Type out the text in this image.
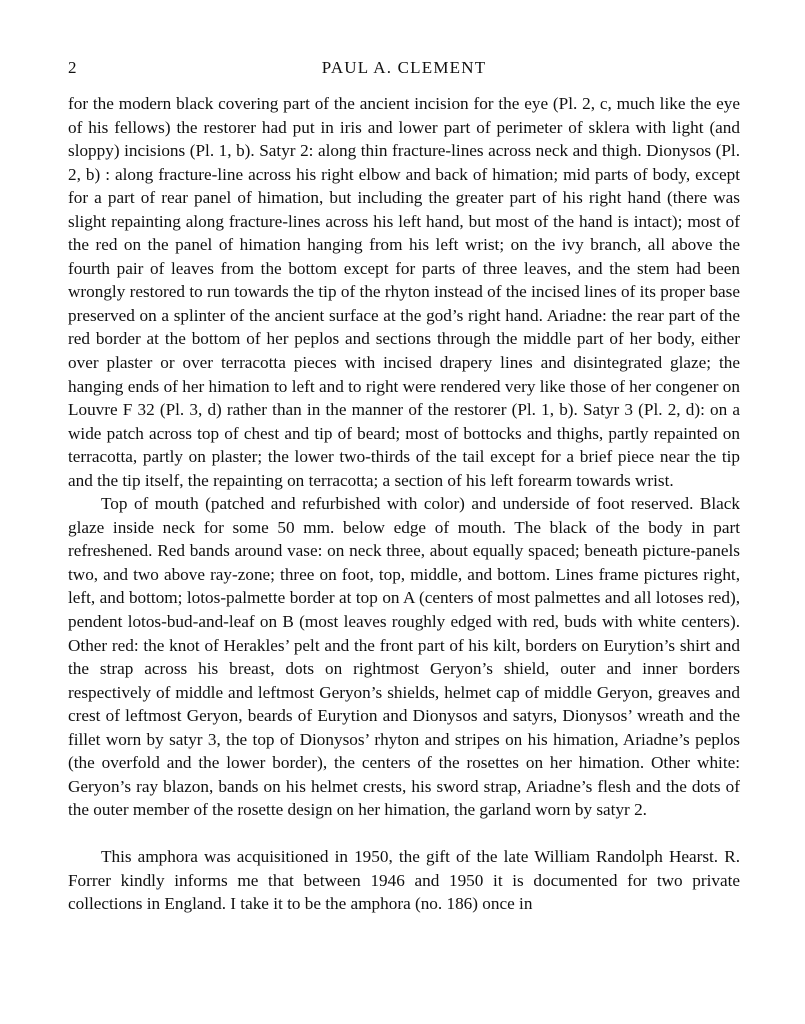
2	PAUL A. CLEMENT

for the modern black covering part of the ancient incision for the eye (Pl. 2, c, much like the eye of his fellows) the restorer had put in iris and lower part of perimeter of sklera with light (and sloppy) incisions (Pl. 1, b). Satyr 2: along thin fracture-lines across neck and thigh. Dionysos (Pl. 2, b) : along fracture-line across his right elbow and back of himation; mid parts of body, except for a part of rear panel of himation, but including the greater part of his right hand (there was slight repainting along fracture-lines across his left hand, but most of the hand is intact); most of the red on the panel of himation hanging from his left wrist; on the ivy branch, all above the fourth pair of leaves from the bottom except for parts of three leaves, and the stem had been wrongly restored to run towards the tip of the rhyton instead of the incised lines of its proper base preserved on a splinter of the ancient surface at the god’s right hand. Ariadne: the rear part of the red border at the bottom of her peplos and sections through the middle part of her body, either over plaster or over terracotta pieces with incised drapery lines and disintegrated glaze; the hanging ends of her himation to left and to right were rendered very like those of her congener on Louvre F 32 (Pl. 3, d) rather than in the manner of the restorer (Pl. 1, b). Satyr 3 (Pl. 2, d): on a wide patch across top of chest and tip of beard; most of bottocks and thighs, partly repainted on terracotta, partly on plaster; the lower two-thirds of the tail except for a brief piece near the tip and the tip itself, the repainting on terracotta; a section of his left forearm towards wrist.

Top of mouth (patched and refurbished with color) and underside of foot reserved. Black glaze inside neck for some 50 mm. below edge of mouth. The black of the body in part refreshened. Red bands around vase: on neck three, about equally spaced; beneath picture-panels two, and two above ray-zone; three on foot, top, middle, and bottom. Lines frame pictures right, left, and bottom; lotos-palmette border at top on A (centers of most palmettes and all lotoses red), pendent lotos-bud-and-leaf on B (most leaves roughly edged with red, buds with white centers). Other red: the knot of Herakles’ pelt and the front part of his kilt, borders on Eurytion’s shirt and the strap across his breast, dots on rightmost Geryon’s shield, outer and inner borders respectively of middle and leftmost Geryon’s shields, helmet cap of middle Geryon, greaves and crest of leftmost Geryon, beards of Eurytion and Dionysos and satyrs, Dionysos’ wreath and the fillet worn by satyr 3, the top of Dionysos’ rhyton and stripes on his himation, Ariadne’s peplos (the overfold and the lower border), the centers of the rosettes on her himation. Other white: Geryon’s ray blazon, bands on his helmet crests, his sword strap, Ariadne’s flesh and the dots of the outer member of the rosette design on her himation, the garland worn by satyr 2.

This amphora was acquisitioned in 1950, the gift of the late William Randolph Hearst. R. Forrer kindly informs me that between 1946 and 1950 it is documented for two private collections in England. I take it to be the amphora (no. 186) once in
